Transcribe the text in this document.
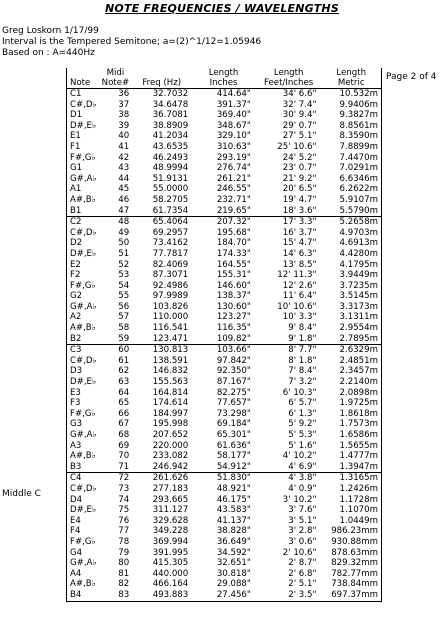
NOTE FREQUENCIES / WAVELENGTHS
Greg Loskorn 1/17/99
Interval is the Tempered Semitone; a=(2)^1/12=1.05946
Based on : A=440Hz
Page 2 of 4
Middle C
	Midi		Length	Length	Length
Note	Note#	Freq (Hz)	Inches	Feet/Inches	Metric
C1	36	32.7032	414.64"	34' 6.6"	10.532m
C#,D♭	37	34.6478	391.37"	32' 7.4"	9.9406m
D1	38	36.7081	369.40"	30' 9.4"	9.3827m
D#,E♭	39	38.8909	348.67"	29' 0.7"	8.8561m
E1	40	41.2034	329.10"	27' 5.1"	8.3590m
F1	41	43.6535	310.63"	25' 10.6"	7.8899m
F#,G♭	42	46.2493	293.19"	24' 5.2"	7.4470m
G1	43	48.9994	276.74"	23' 0.7"	7.0291m
G#,A♭	44	51.9131	261.21"	21' 9.2"	6.6346m
A1	45	55.0000	246.55"	20' 6.5"	6.2622m
A#,B♭	46	58.2705	232.71"	19' 4.7"	5.9107m
B1	47	61.7354	219.65"	18' 3.6"	5.5790m
C2	48	65.4064	207.32"	17' 3.3"	5.2658m
C#,D♭	49	69.2957	195.68"	16' 3.7"	4.9703m
D2	50	73.4162	184.70"	15' 4.7"	4.6913m
D#,E♭	51	77.7817	174.33"	14' 6.3"	4.4280m
E2	52	82.4069	164.55"	13' 8.5"	4.1795m
F2	53	87.3071	155.31"	12' 11.3"	3.9449m
F#,G♭	54	92.4986	146.60"	12' 2.6"	3.7235m
G2	55	97.9989	138.37"	11' 6.4"	3.5145m
G#,A♭	56	103.826	130.60"	10' 10.6"	3.3173m
A2	57	110.000	123.27"	10' 3.3"	3.1311m
A#,B♭	58	116.541	116.35"	9' 8.4"	2.9554m
B2	59	123.471	109.82"	9' 1.8"	2.7895m
C3	60	130.813	103.66"	8' 7.7"	2.6329m
C#,D♭	61	138.591	97.842"	8' 1.8"	2.4851m
D3	62	146.832	92.350"	7' 8.4"	2.3457m
D#,E♭	63	155.563	87.167"	7' 3.2"	2.2140m
E3	64	164.814	82.275"	6' 10.3"	2.0898m
F3	65	174.614	77.657"	6' 5.7"	1.9725m
F#,G♭	66	184.997	73.298"	6' 1.3"	1.8618m
G3	67	195.998	69.184"	5' 9.2"	1.7573m
G#,A♭	68	207.652	65.301"	5' 5.3"	1.6586m
A3	69	220.000	61.636"	5' 1.6"	1.5655m
A#,B♭	70	233.082	58.177"	4' 10.2"	1.4777m
B3	71	246.942	54.912"	4' 6.9"	1.3947m
C4	72	261.626	51.830"	4' 3.8"	1.3165m
C#,D♭	73	277.183	48.921"	4' 0.9"	1.2426m
D4	74	293.665	46.175"	3' 10.2"	1.1728m
D#,E♭	75	311.127	43.583"	3' 7.6"	1.1070m
E4	76	329.628	41.137"	3' 5.1"	1.0449m
F4	77	349.228	38.828"	3' 2.8"	986.23mm
F#,G♭	78	369.994	36.649"	3' 0.6"	930.88mm
G4	79	391.995	34.592"	2' 10.6"	878.63mm
G#,A♭	80	415.305	32.651"	2' 8.7"	829.32mm
A4	81	440.000	30.818"	2' 6.8"	782.77mm
A#,B♭	82	466.164	29.088"	2' 5.1"	738.84mm
B4	83	493.883	27.456"	2' 3.5"	697.37mm
